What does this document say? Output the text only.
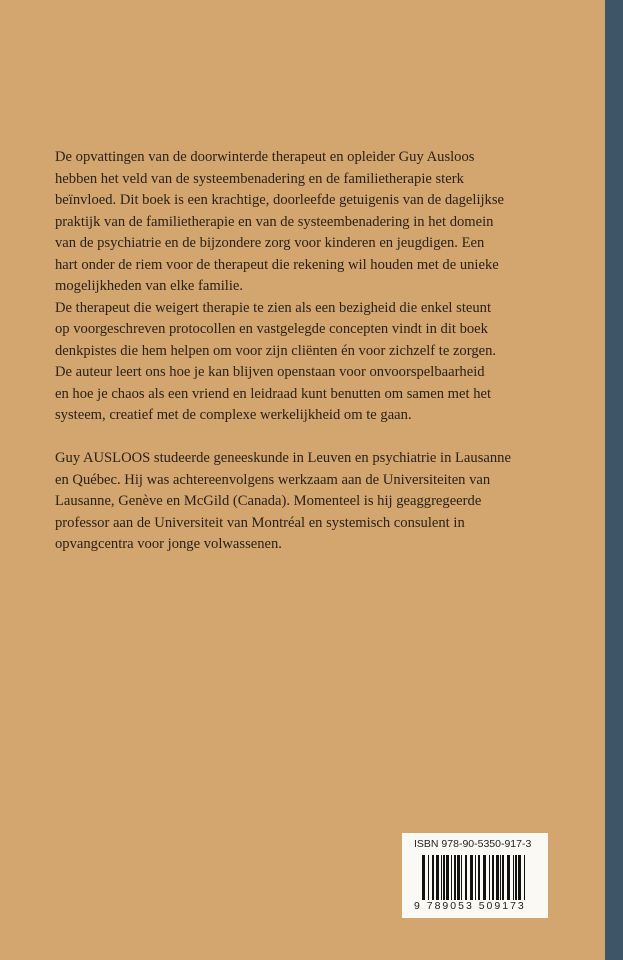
De opvattingen van de doorwinterde therapeut en opleider Guy Ausloos
hebben het veld van de systeembenadering en de familietherapie sterk
beïnvloed. Dit boek is een krachtige, doorleefde getuigenis van de dagelijkse
praktijk van de familietherapie en van de systeembenadering in het domein
van de psychiatrie en de bijzondere zorg voor kinderen en jeugdigen. Een
hart onder de riem voor de therapeut die rekening wil houden met de unieke
mogelijkheden van elke familie.
De therapeut die weigert therapie te zien als een bezigheid die enkel steunt
op voorgeschreven protocollen en vastgelegde concepten vindt in dit boek
denkpistes die hem helpen om voor zijn cliënten én voor zichzelf te zorgen.
De auteur leert ons hoe je kan blijven openstaan voor onvoorspelbaarheid
en hoe je chaos als een vriend en leidraad kunt benutten om samen met het
systeem, creatief met de complexe werkelijkheid om te gaan.
Guy AUSLOOS studeerde geneeskunde in Leuven en psychiatrie in Lausanne
en Québec. Hij was achtereenvolgens werkzaam aan de Universiteiten van
Lausanne, Genève en McGild (Canada). Momenteel is hij geaggregeerde
professor aan de Universiteit van Montréal en systemisch consulent in
opvangcentra voor jonge volwassenen.
ISBN 978-90-5350-917-3
9 789053 509173
